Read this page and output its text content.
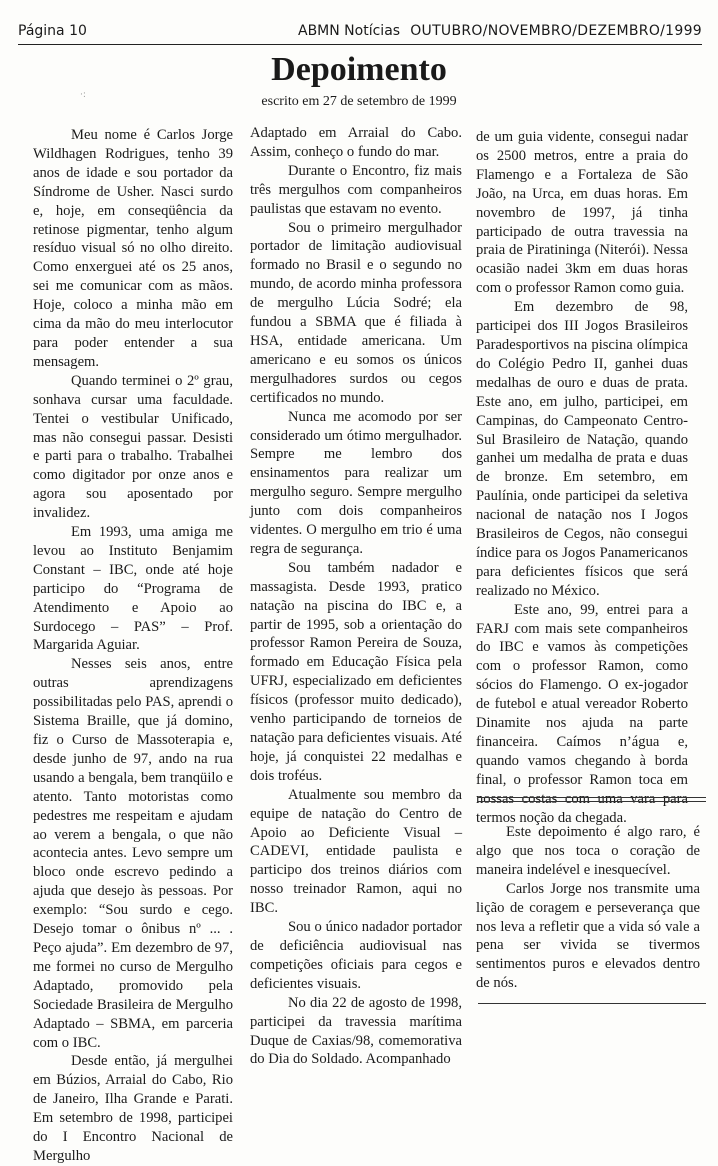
Página 10	ABMN Notícias OUTUBRO/NOVEMBRO/DEZEMBRO/1999
·:
Depoimento
escrito em 27 de setembro de 1999

Meu nome é Carlos Jorge Wildhagen Rodrigues, tenho 39 anos de idade e sou portador da Síndrome de Usher. Nasci surdo e, hoje, em conseqüência da retinose pigmentar, tenho algum resíduo visual só no olho direito. Como enxerguei até os 25 anos, sei me comunicar com as mãos. Hoje, coloco a minha mão em cima da mão do meu interlocutor para poder entender a sua mensagem.

Quando terminei o 2º grau, sonhava cursar uma faculdade. Tentei o vestibular Unificado, mas não consegui passar. Desisti e parti para o trabalho. Trabalhei como digitador por onze anos e agora sou aposentado por invalidez.

Em 1993, uma amiga me levou ao Instituto Benjamim Constant – IBC, onde até hoje participo do “Programa de Atendimento e Apoio ao Surdocego – PAS” – Prof. Margarida Aguiar.

Nesses seis anos, entre outras aprendizagens possibilitadas pelo PAS, aprendi o Sistema Braille, que já domino, fiz o Curso de Massoterapia e, desde junho de 97, ando na rua usando a bengala, bem tranqüilo e atento. Tanto motoristas como pedestres me respeitam e ajudam ao verem a bengala, o que não acontecia antes. Levo sempre um bloco onde escrevo pedindo a ajuda que desejo às pessoas. Por exemplo: “Sou surdo e cego. Desejo tomar o ônibus nº ... . Peço ajuda”. Em dezembro de 97, me formei no curso de Mergulho Adaptado, promovido pela Sociedade Brasileira de Mergulho Adaptado – SBMA, em parceria com o IBC.

Desde então, já mergulhei em Búzios, Arraial do Cabo, Rio de Janeiro, Ilha Grande e Parati. Em setembro de 1998, participei do I Encontro Nacional de Mergulho

Adaptado em Arraial do Cabo. Assim, conheço o fundo do mar.

Durante o Encontro, fiz mais três mergulhos com companheiros paulistas que estavam no evento.

Sou o primeiro mergulhador portador de limitação audiovisual formado no Brasil e o segundo no mundo, de acordo minha professora de mergulho Lúcia Sodré; ela fundou a SBMA que é filiada à HSA, entidade americana. Um americano e eu somos os únicos mergulhadores surdos ou cegos certificados no mundo.

Nunca me acomodo por ser considerado um ótimo mergulhador. Sempre me lembro dos ensinamentos para realizar um mergulho seguro. Sempre mergulho junto com dois companheiros videntes. O mergulho em trio é uma regra de segurança.

Sou também nadador e massagista. Desde 1993, pratico natação na piscina do IBC e, a partir de 1995, sob a orientação do professor Ramon Pereira de Souza, formado em Educação Física pela UFRJ, especializado em deficientes físicos (professor muito dedicado), venho participando de torneios de natação para deficientes visuais. Até hoje, já conquistei 22 medalhas e dois troféus.

Atualmente sou membro da equipe de natação do Centro de Apoio ao Deficiente Visual – CADEVI, entidade paulista e participo dos treinos diários com nosso treinador Ramon, aqui no IBC.

Sou o único nadador portador de deficiência audiovisual nas competições oficiais para cegos e deficientes visuais.

No dia 22 de agosto de 1998, participei da travessia marítima Duque de Caxias/98, comemorativa do Dia do Soldado. Acompanhado

de um guia vidente, consegui nadar os 2500 metros, entre a praia do Flamengo e a Fortaleza de São João, na Urca, em duas horas. Em novembro de 1997, já tinha participado de outra travessia na praia de Piratininga (Niterói). Nessa ocasião nadei 3km em duas horas com o professor Ramon como guia.

Em dezembro de 98, participei dos III Jogos Brasileiros Paradesportivos na piscina olímpica do Colégio Pedro II, ganhei duas medalhas de ouro e duas de prata. Este ano, em julho, participei, em Campinas, do Campeonato Centro-Sul Brasileiro de Natação, quando ganhei um medalha de prata e duas de bronze. Em setembro, em Paulínia, onde participei da seletiva nacional de natação nos I Jogos Brasileiros de Cegos, não consegui índice para os Jogos Panamericanos para deficientes físicos que será realizado no México.

Este ano, 99, entrei para a FARJ com mais sete companheiros do IBC e vamos às competições com o professor Ramon, como sócios do Flamengo. O ex-jogador de futebol e atual vereador Roberto Dinamite nos ajuda na parte financeira. Caímos n’água e, quando vamos chegando à borda final, o professor Ramon toca em nossas costas com uma vara para termos noção da chegada.

Este depoimento é algo raro, é algo que nos toca o coração de maneira indelével e inesquecível.

Carlos Jorge nos transmite uma lição de coragem e perseverança que nos leva a refletir que a vida só vale a pena ser vivida se tivermos sentimentos puros e elevados dentro de nós.
